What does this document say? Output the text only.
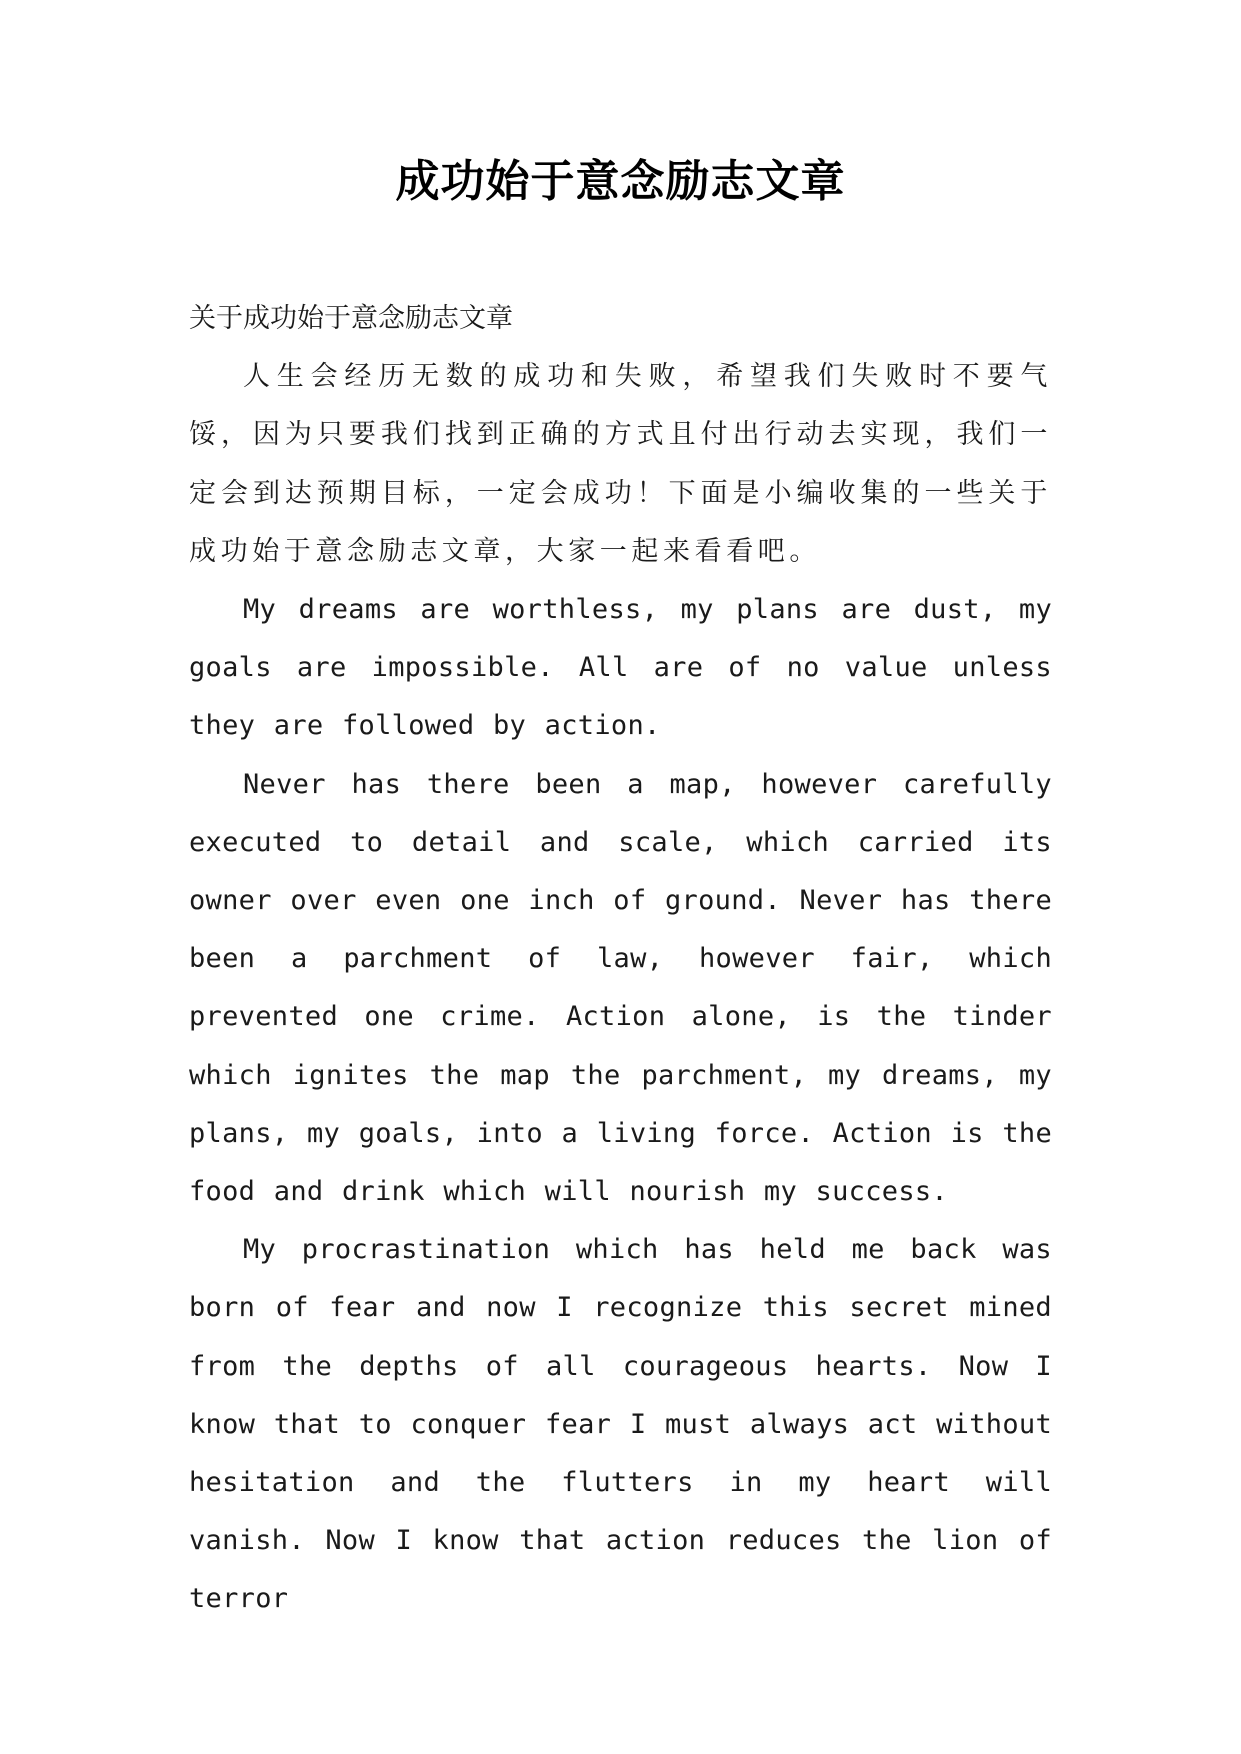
成功始于意念励志文章

关于成功始于意念励志文章

人生会经历无数的成功和失败，希望我们失败时不要气馁，因为只要我们找到正确的方式且付出行动去实现，我们一定会到达预期目标，一定会成功！下面是小编收集的一些关于成功始于意念励志文章，大家一起来看看吧。

My dreams are worthless, my plans are dust, my goals are impossible. All are of no value unless they are followed by action.

Never has there been a map, however carefully executed to detail and scale, which carried its owner over even one inch of ground. Never has there been a parchment of law, however fair, which prevented one crime. Action alone, is the tinder which ignites the map the parchment, my dreams, my plans, my goals, into a living force. Action is the food and drink which will nourish my success.

My procrastination which has held me back was born of fear and now I recognize this secret mined from the depths of all courageous hearts. Now I know that to conquer fear I must always act without hesitation and the flutters in my heart will vanish. Now I know that action reduces the lion of terror
